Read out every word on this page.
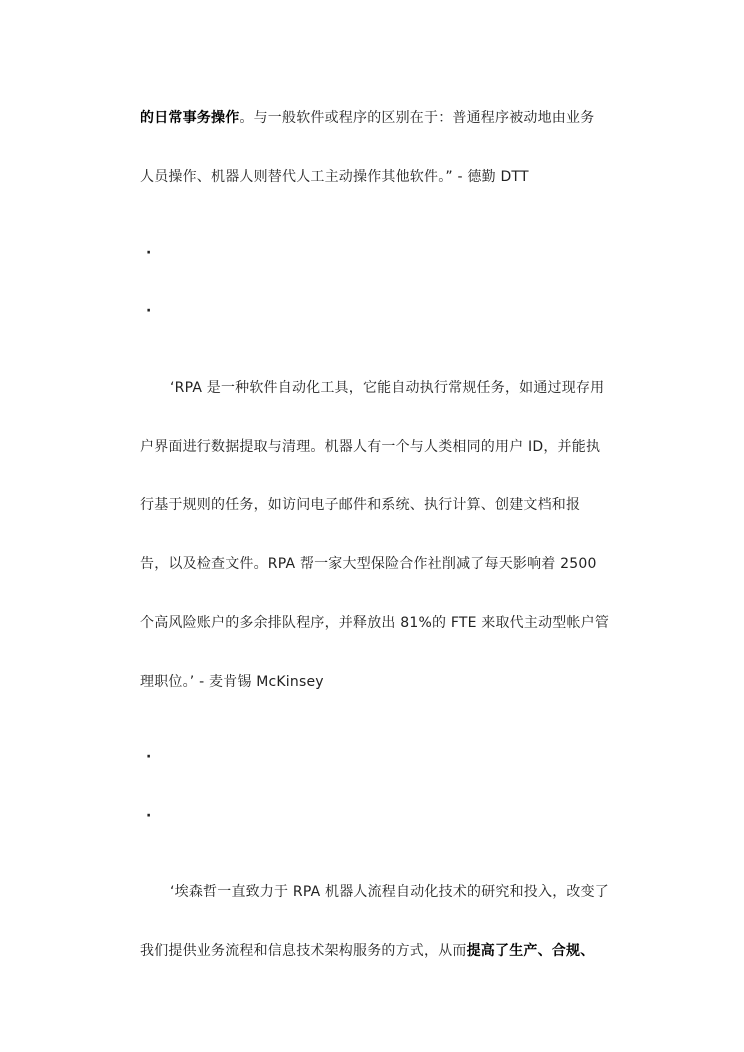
的日常事务操作。与一般软件或程序的区别在于：普通程序被动地由业务
人员操作、机器人则替代人工主动操作其他软件。” - 德勤 DTT
·
·
‘RPA 是一种软件自动化工具，它能自动执行常规任务，如通过现存用
户界面进行数据提取与清理。机器人有一个与人类相同的用户 ID，并能执
行基于规则的任务，如访问电子邮件和系统、执行计算、创建文档和报
告，以及检查文件。RPA 帮一家大型保险合作社削减了每天影响着 2500
个高风险账户的多余排队程序，并释放出 81%的 FTE 来取代主动型帐户管
理职位。’ - 麦肯锡 McKinsey
·
·
‘埃森哲一直致力于 RPA 机器人流程自动化技术的研究和投入，改变了
我们提供业务流程和信息技术架构服务的方式，从而提高了生产、合规、
